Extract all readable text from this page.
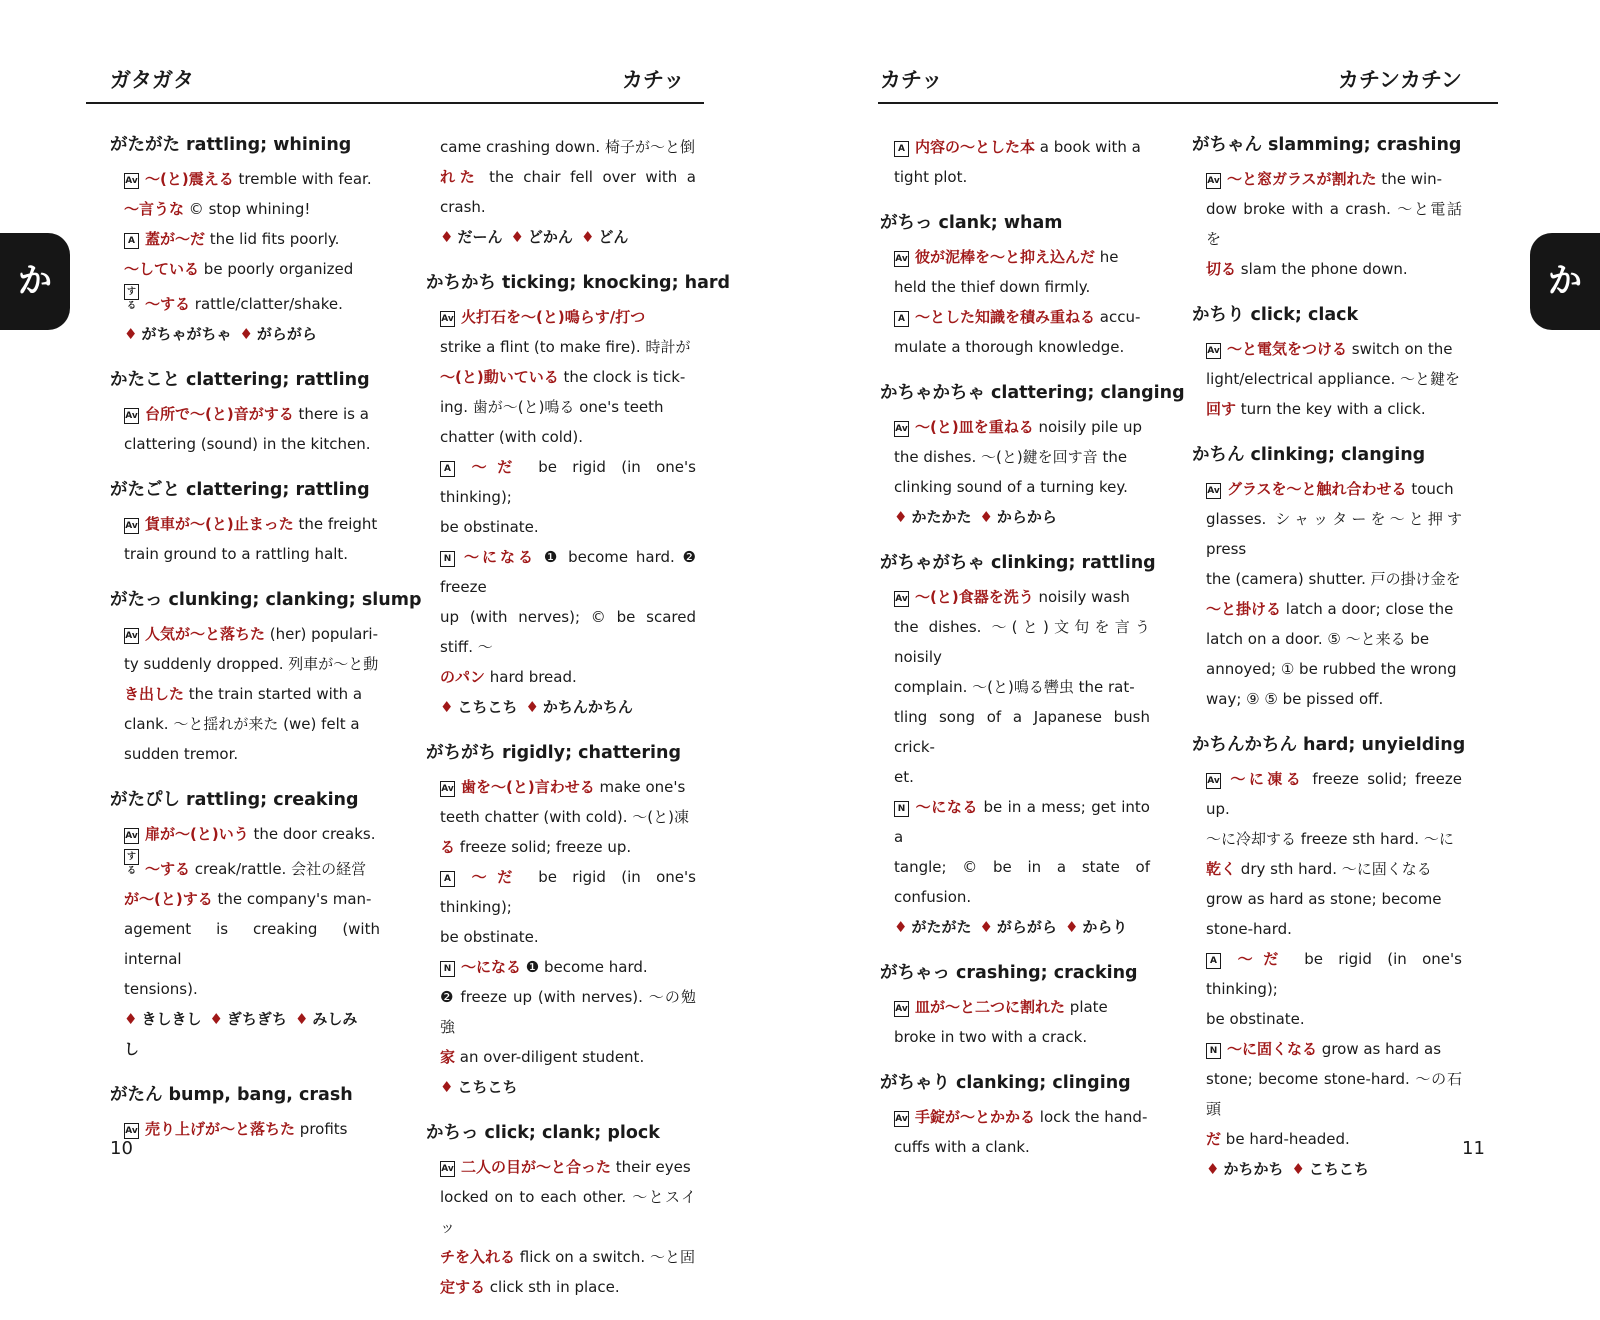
ガタガタ	カチッ
か
がたがた rattling; whining
Av 〜(と)震える tremble with fear.
〜言うな © stop whining!
A 蓋が〜だ the lid fits poorly.
〜している be poorly organized
する 〜する rattle/clatter/shake.
♦ がちゃがちゃ ♦ がらがら
かたこと clattering; rattling
Av 台所で〜(と)音がする there is a
clattering (sound) in the kitchen.
がたごと clattering; rattling
Av 貨車が〜(と)止まった the freight
train ground to a rattling halt.
がたっ clunking; clanking; slump
Av 人気が〜と落ちた (her) populari-
ty suddenly dropped. 列車が〜と動
き出した the train started with a
clank. 〜と揺れが来た (we) felt a
sudden tremor.
がたぴし rattling; creaking
Av 扉が〜(と)いう the door creaks.
する 〜する creak/rattle. 会社の経営
が〜(と)する the company's man-
agement is creaking (with internal
tensions).
♦ きしきし ♦ ぎちぎち ♦ みしみし
がたん bump, bang, crash
Av 売り上げが〜と落ちた profits
came crashing down. 椅子が〜と倒
れた the chair fell over with a crash.
♦ だーん ♦ どかん ♦ どん
かちかち ticking; knocking; hard
Av 火打石を〜(と)鳴らす/打つ
strike a flint (to make fire). 時計が
〜(と)動いている the clock is tick-
ing. 歯が〜(と)鳴る one's teeth
chatter (with cold).
A 〜だ be rigid (in one's thinking);
be obstinate.
N 〜になる ❶ become hard. ❷ freeze
up (with nerves); © be scared stiff. 〜
のパン hard bread.
♦ こちこち ♦ かちんかちん
がちがち rigidly; chattering
Av 歯を〜(と)言わせる make one's
teeth chatter (with cold). 〜(と)凍
る freeze solid; freeze up.
A 〜だ be rigid (in one's thinking);
be obstinate.
N 〜になる ❶ become hard.
❷ freeze up (with nerves). 〜の勉強
家 an over-diligent student.
♦ こちこち
かちっ click; clank; plock
Av 二人の目が〜と合った their eyes
locked on to each other. 〜とスイッ
チを入れる flick on a switch. 〜と固
定する click sth in place.
10
カチッ	カチンカチン
か
A 内容の〜とした本 a book with a
tight plot.
がちっ clank; wham
Av 彼が泥棒を〜と抑え込んだ he
held the thief down firmly.
A 〜とした知識を積み重ねる accu-
mulate a thorough knowledge.
かちゃかちゃ clattering; clanging
Av 〜(と)皿を重ねる noisily pile up
the dishes. 〜(と)鍵を回す音 the
clinking sound of a turning key.
♦ かたかた ♦ からから
がちゃがちゃ clinking; rattling
Av 〜(と)食器を洗う noisily wash
the dishes. 〜(と)文句を言う noisily
complain. 〜(と)鳴る轡虫 the rat-
tling song of a Japanese bush crick-
et.
N 〜になる be in a mess; get into a
tangle; © be in a state of confusion.
♦ がたがた ♦ がらがら ♦ からり
がちゃっ crashing; cracking
Av 皿が〜と二つに割れた plate
broke in two with a crack.
がちゃり clanking; clinging
Av 手錠が〜とかかる lock the hand-
cuffs with a clank.
がちゃん slamming; crashing
Av 〜と窓ガラスが割れた the win-
dow broke with a crash. 〜と電話を
切る slam the phone down.
かちり click; clack
Av 〜と電気をつける switch on the
light/electrical appliance. 〜と鍵を
回す turn the key with a click.
かちん clinking; clanging
Av グラスを〜と触れ合わせる touch
glasses. シャッターを〜と押す press
the (camera) shutter. 戸の掛け金を
〜と掛ける latch a door; close the
latch on a door. ⑤ 〜と来る be
annoyed; ① be rubbed the wrong
way; ⑨ ⑤ be pissed off.
かちんかちん hard; unyielding
Av 〜に凍る freeze solid; freeze up.
〜に冷却する freeze sth hard. 〜に
乾く dry sth hard. 〜に固くなる
grow as hard as stone; become
stone-hard.
A 〜だ be rigid (in one's thinking);
be obstinate.
N 〜に固くなる grow as hard as
stone; become stone-hard. 〜の石頭
だ be hard-headed.
♦ かちかち ♦ こちこち
11
